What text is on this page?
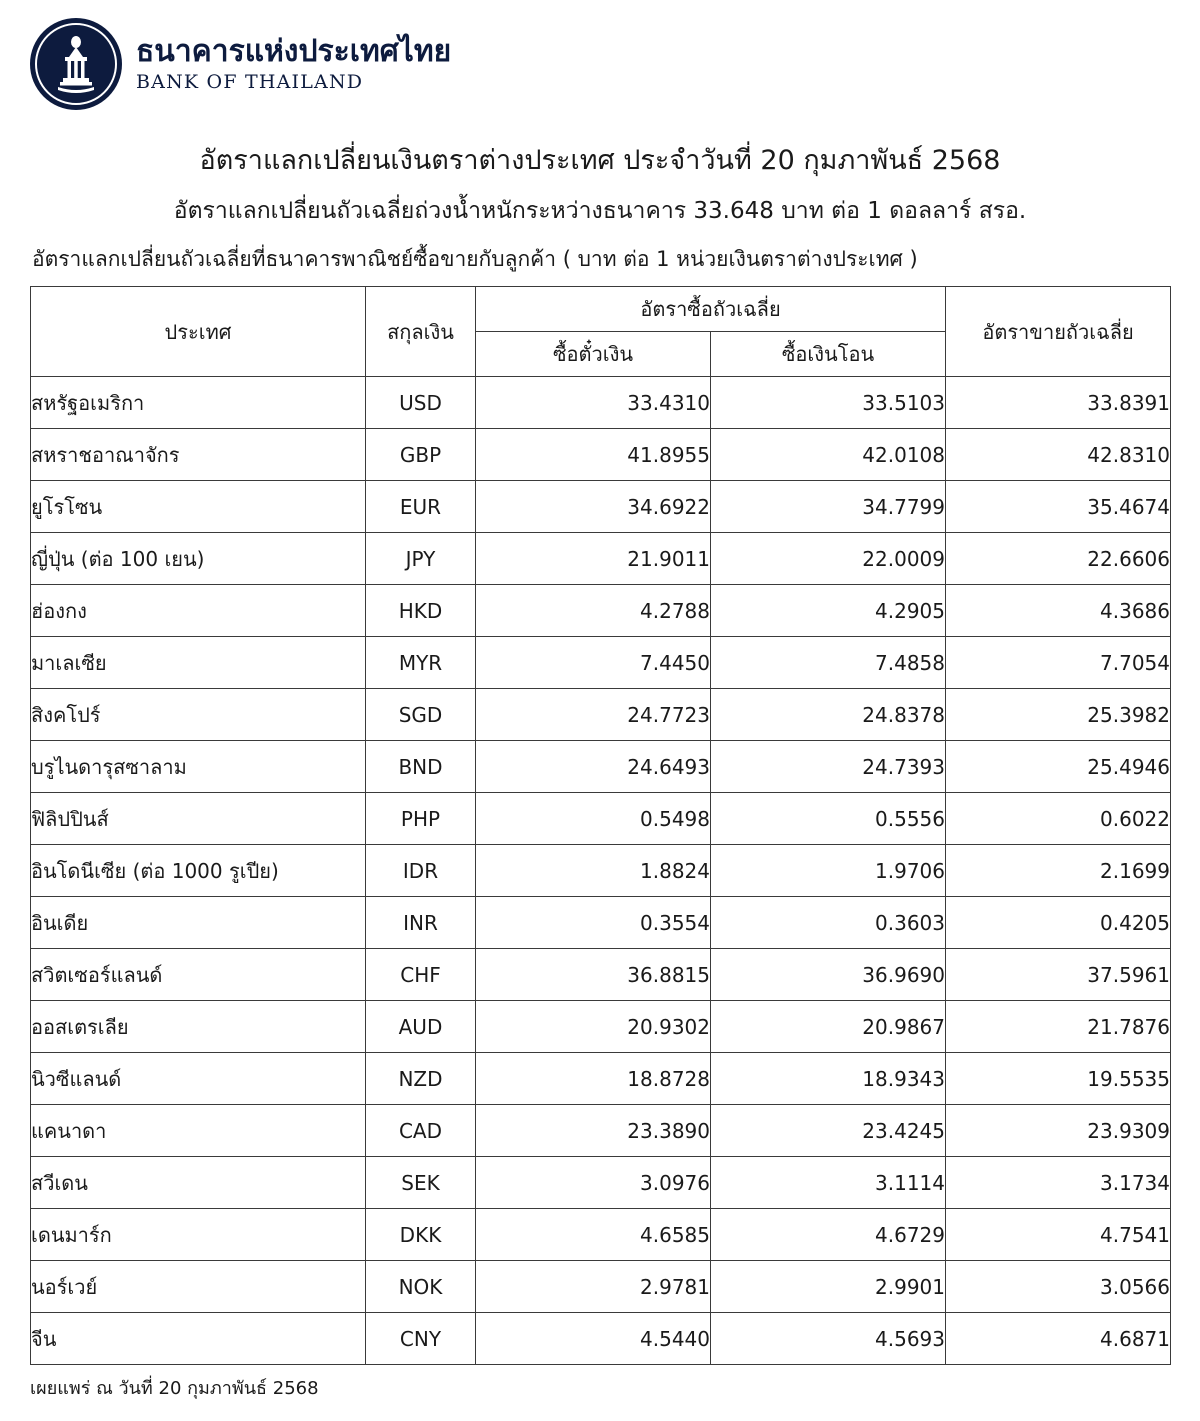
ธนาคารแห่งประเทศไทย
BANK OF THAILAND
อัตราแลกเปลี่ยนเงินตราต่างประเทศ ประจำวันที่ 20 กุมภาพันธ์ 2568
อัตราแลกเปลี่ยนถัวเฉลี่ยถ่วงน้ำหนักระหว่างธนาคาร 33.648 บาท ต่อ 1 ดอลลาร์ สรอ.
อัตราแลกเปลี่ยนถัวเฉลี่ยที่ธนาคารพาณิชย์ซื้อขายกับลูกค้า ( บาท ต่อ 1 หน่วยเงินตราต่างประเทศ )
ประเทศ	สกุลเงิน	อัตราซื้อถัวเฉลี่ย		อัตราขายถัวเฉลี่ย
		ซื้อตั๋วเงิน	ซื้อเงินโอน	
สหรัฐอเมริกา	USD	33.4310	33.5103	33.8391
สหราชอาณาจักร	GBP	41.8955	42.0108	42.8310
ยูโรโซน	EUR	34.6922	34.7799	35.4674
ญี่ปุ่น (ต่อ 100 เยน)	JPY	21.9011	22.0009	22.6606
ฮ่องกง	HKD	4.2788	4.2905	4.3686
มาเลเซีย	MYR	7.4450	7.4858	7.7054
สิงคโปร์	SGD	24.7723	24.8378	25.3982
บรูไนดารุสซาลาม	BND	24.6493	24.7393	25.4946
ฟิลิปปินส์	PHP	0.5498	0.5556	0.6022
อินโดนีเซีย (ต่อ 1000 รูเปีย)	IDR	1.8824	1.9706	2.1699
อินเดีย	INR	0.3554	0.3603	0.4205
สวิตเซอร์แลนด์	CHF	36.8815	36.9690	37.5961
ออสเตรเลีย	AUD	20.9302	20.9867	21.7876
นิวซีแลนด์	NZD	18.8728	18.9343	19.5535
แคนาดา	CAD	23.3890	23.4245	23.9309
สวีเดน	SEK	3.0976	3.1114	3.1734
เดนมาร์ก	DKK	4.6585	4.6729	4.7541
นอร์เวย์	NOK	2.9781	2.9901	3.0566
จีน	CNY	4.5440	4.5693	4.6871
เผยแพร่ ณ วันที่ 20 กุมภาพันธ์ 2568
